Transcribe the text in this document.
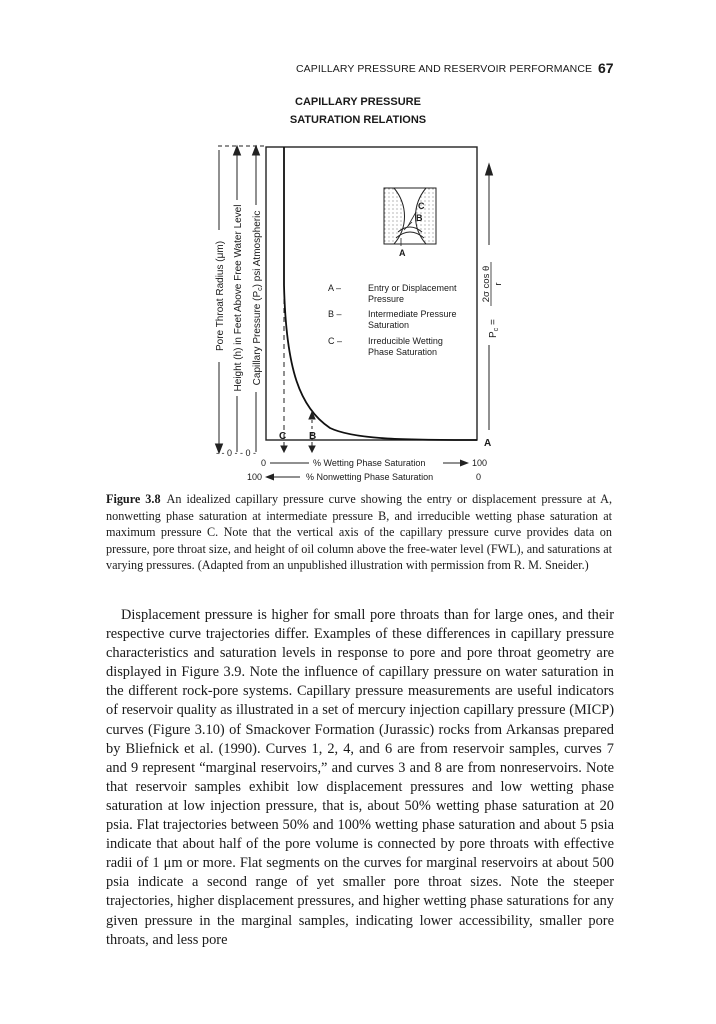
CAPILLARY PRESSURE AND RESERVOIR PERFORMANCE 67
CAPILLARY PRESSURE
SATURATION RELATIONS
Pore Throat Radius (μm) Height (h) in Feet Above Free Water Level Capillary Pressure $(P_c)$ psi Atmospheric
- - 0 - - 0 -
C B
A
C
B
A
A –	Entry or Displacement
Pressure
B –	Intermediate Pressure
Saturation
C –	Irreducible Wetting
Phase Saturation
$P_c$ =
2σ cos θ r
0	% Wetting Phase Saturation	100
100	% Nonwetting Phase Saturation	0
Figure 3.8 An idealized capillary pressure curve showing the entry or displacement pressure at A, nonwetting phase saturation at intermediate pressure B, and irreducible wetting phase saturation at maximum pressure C. Note that the vertical axis of the capillary pressure curve provides data on pressure, pore throat size, and height of oil column above the free-water level (FWL), and saturations at varying pressures. (Adapted from an unpublished illustration with permission from R. M. Sneider.)
Displacement pressure is higher for small pore throats than for large ones, and their respective curve trajectories differ. Examples of these differences in capillary pressure characteristics and saturation levels in response to pore and pore throat geometry are displayed in Figure 3.9. Note the influence of capillary pressure on water saturation in the different rock-pore systems. Capillary pressure measurements are useful indicators of reservoir quality as illustrated in a set of mercury injection capillary pressure (MICP) curves (Figure 3.10) of Smackover Formation (Jurassic) rocks from Arkansas prepared by Bliefnick et al. (1990). Curves 1, 2, 4, and 6 are from reservoir samples, curves 7 and 9 represent “marginal reservoirs,” and curves 3 and 8 are from nonreservoirs. Note that reservoir samples exhibit low displacement pressures and low wetting phase saturation at low injection pressure, that is, about 50% wetting phase saturation at 20 psia. Flat trajectories between 50% and 100% wetting phase saturation and about 5 psia indicate that about half of the pore volume is connected by pore throats with effective radii of 1 μm or more. Flat segments on the curves for marginal reservoirs at about 500 psia indicate a second range of yet smaller pore throat sizes. Note the steeper trajectories, higher displacement pressures, and higher wetting phase saturations for any given pressure in the marginal samples, indicating lower accessibility, smaller pore throats, and less pore
